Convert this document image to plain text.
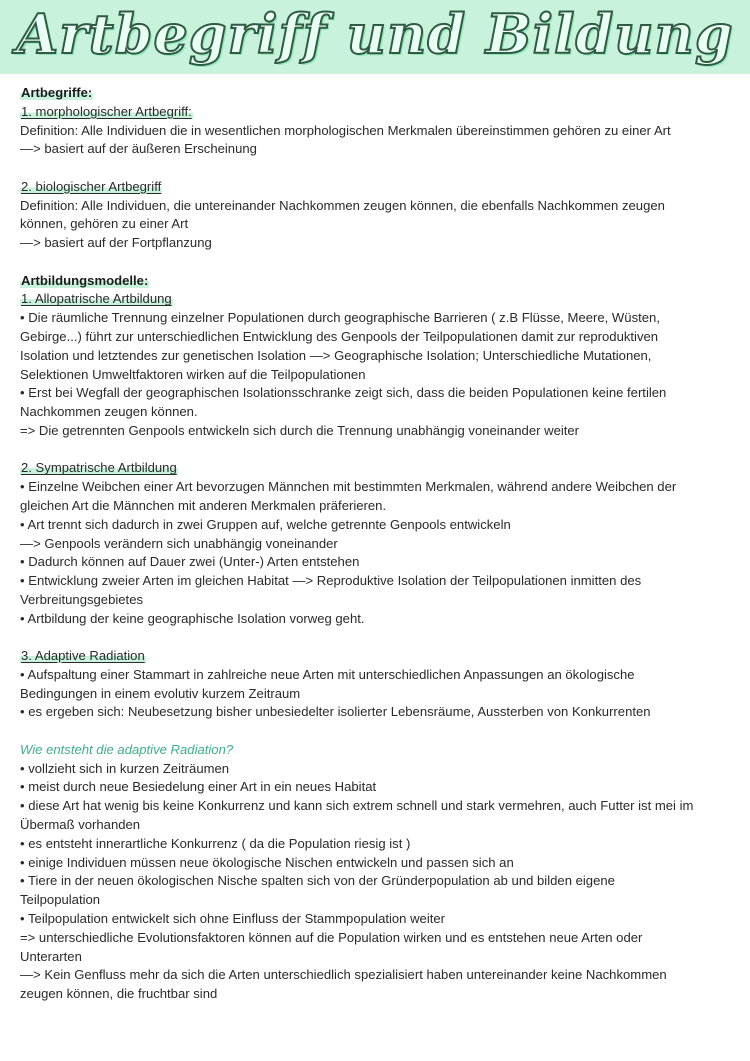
Artbegriff und Bildung
Artbegriffe:
1. morphologischer Artbegriff:
Definition: Alle Individuen die in wesentlichen morphologischen Merkmalen übereinstimmen gehören zu einer Art
—> basiert auf der äußeren Erscheinung
2. biologischer Artbegriff
Definition: Alle Individuen, die untereinander Nachkommen zeugen können, die ebenfalls Nachkommen zeugen
können, gehören zu einer Art
—> basiert auf der Fortpflanzung
Artbildungsmodelle:
1. Allopatrische Artbildung
• Die räumliche Trennung einzelner Populationen durch geographische Barrieren ( z.B Flüsse, Meere, Wüsten,
Gebirge...) führt zur unterschiedlichen Entwicklung des Genpools der Teilpopulationen damit zur reproduktiven
Isolation und letztendes zur genetischen Isolation —> Geographische Isolation; Unterschiedliche Mutationen,
Selektionen Umweltfaktoren wirken auf die Teilpopulationen
• Erst bei Wegfall der geographischen Isolationsschranke zeigt sich, dass die beiden Populationen keine fertilen
Nachkommen zeugen können.
=> Die getrennten Genpools entwickeln sich durch die Trennung unabhängig voneinander weiter
2. Sympatrische Artbildung
• Einzelne Weibchen einer Art bevorzugen Männchen mit bestimmten Merkmalen, während andere Weibchen der
gleichen Art die Männchen mit anderen Merkmalen präferieren.
• Art trennt sich dadurch in zwei Gruppen auf, welche getrennte Genpools entwickeln
—> Genpools verändern sich unabhängig voneinander
• Dadurch können auf Dauer zwei (Unter-) Arten entstehen
• Entwicklung zweier Arten im gleichen Habitat —> Reproduktive Isolation der Teilpopulationen inmitten des
Verbreitungsgebietes
• Artbildung der keine geographische Isolation vorweg geht.
3. Adaptive Radiation
• Aufspaltung einer Stammart in zahlreiche neue Arten mit unterschiedlichen Anpassungen an ökologische
Bedingungen in einem evolutiv kurzem Zeitraum
• es ergeben sich: Neubesetzung bisher unbesiedelter isolierter Lebensräume, Aussterben von Konkurrenten
Wie entsteht die adaptive Radiation?
• vollzieht sich in kurzen Zeiträumen
• meist durch neue Besiedelung einer Art in ein neues Habitat
• diese Art hat wenig bis keine Konkurrenz und kann sich extrem schnell und stark vermehren, auch Futter ist mei im
Übermaß vorhanden
• es entsteht innerartliche Konkurrenz ( da die Population riesig ist )
• einige Individuen müssen neue ökologische Nischen entwickeln und passen sich an
• Tiere in der neuen ökologischen Nische spalten sich von der Gründerpopulation ab und bilden eigene
Teilpopulation
• Teilpopulation entwickelt sich ohne Einfluss der Stammpopulation weiter
=> unterschiedliche Evolutionsfaktoren können auf die Population wirken und es entstehen neue Arten oder
Unterarten
—> Kein Genfluss mehr da sich die Arten unterschiedlich spezialisiert haben untereinander keine Nachkommen
zeugen können, die fruchtbar sind
